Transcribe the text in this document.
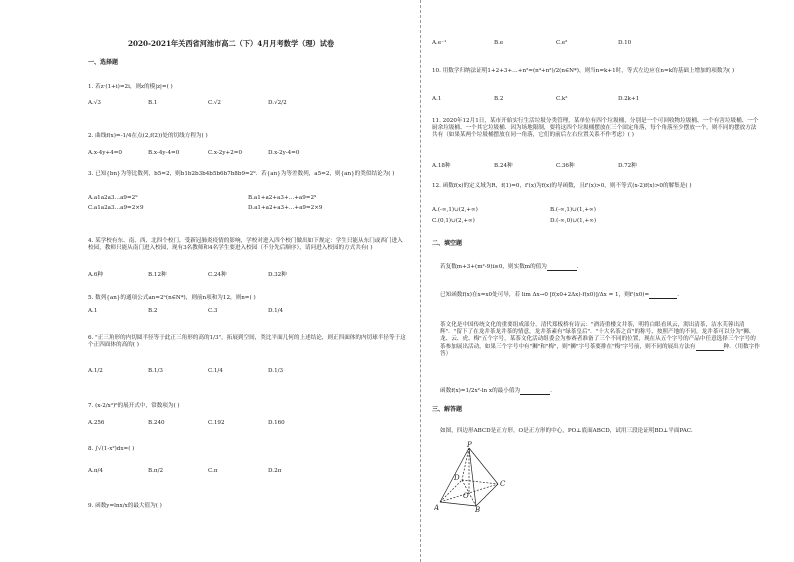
2020-2021年关西省河池市高二（下）4月月考数学（理）试卷
一、选择题
1. 若z·(1+i)=2i，则z的模|z|=( )
A.√3	B.1	C.√2	D.√2/2
2. 曲线f(x)=-1/4在点(2,f(2))处的切线方程为( )
A.x-4y+4=0	B.x-4y-4=0	C.x-2y+2=0	D.x-2y-4=0
3. 已知{bn}为等比数列，b5=2，则b1b2b3b4b5b6b7b8b9=2⁹．若{an}为等差数列，a5=2，则{an}的类似结论为( )
A.a1a2a3…a9=2⁹	B.a1+a2+a3+…+a9=2⁹
C.a1a2a3…a9=2×9	D.a1+a2+a3+…+a9=2×9
4. 某学校有东、南、西、北四个校门，受新冠肺炎疫情的影响，学校对进入四个校门做出如下规定：学生只能从东门或西门进入校园，教师只能从南门进入校园，现有3名教师和4名学生要进入校园（不分先后顺序），请问进入校园的方式共有( )
A.6种	B.12种	C.24种	D.32种
5. 数列{an}的通项公式an=2ⁿ(n∈N*)，则前n项和为12，则n=( )
A.1	B.2	C.3	D.1/4
6. "正三角形的内切圆半径等于此正三角形的高的1/3"，拓展到空间，类比平面几何的上述结论，则正四面体的内切球半径等于这个正四面体的高的( )
A.1/2	B.1/3	C.1/4	D.1/3
7. (x-2/x²)⁶的展开式中，常数项为( )
A.256	B.240	C.192	D.160
8. ∫√(1-x²)dx=( )
A.π/4	B.π/2	C.π	D.2π
9. 函数y=lnx/x的最大值为( )
A.e⁻¹	B.e	C.e²	D.10
10. 用数学归纳法证明1+2+3+…+n²=(n⁴+n²)/2(n∈N*)，则当n=k+1时，等式左边应在n=k的基础上增加的项数为( )
A.1	B.2	C.k²	D.2k+1
11. 2020年12月1日，某市开始实行生活垃圾分类管理，某单位有四个垃圾桶，分别是一个可回收物垃圾桶、一个有害垃圾桶、一个厨余垃圾桶、一个其它垃圾桶．因为场地限制，要将这四个垃圾桶摆放在三个固定角落，每个角落至少摆放一个，则不同的摆放方法共有（如果某两个垃圾桶摆放在同一角落，它们的前后左右位置关系不作考虑）( )
A.18种	B.24种	C.36种	D.72种
12. 函数f(x)的定义域为R，f(1)=0，f'(x)为f(x)的导函数，且f'(x)>0，则不等式(x-2)f(x)>0的解集是( )
A.(-∞,1)∪(2,+∞)	B.(-∞,1)∪(1,+∞)
C.(0,1)∪(2,+∞)	D.(-∞,0)∪(1,+∞)
二、填空题
若复数m+3+(m²-9)i≥0，则实数m的值为	.
已知函数f(x)在x=x0处可导，若 lim Δx→0 [f(x0+2Δx)-f(x0)]/Δx = 1，则f'(x0)=	.
茶文化是中国传统文化的重要组成部分，清代郑板桥有诗云："酒涛重楼文井茶，明将白眼看风云，沏出清茶，洁水芙蓉出清辉"．"留下了在龙井茶龙井茶的情意，龙井茶素有"绿茶皇后"．"十大名茶之首"的称号，按照产地的不同，龙井茶可以分为"狮、龙、云、虎、梅"五个字号，某茶文化活动组委会为参赛者准备了三个不同的位置，现在从五个字号的产品中任意选择三个字号的茶参加展出活动，如果三个字号中有"狮"和"梅"，则"狮"字号茶要排在"梅"字号前，则不同的展出方法有	种．（用数字作答）
函数f(x)=1/2x²-ln x的最小值为	.
三、解答题
如图，四边形ABCD是正方形，O是正方形的中心，PO⊥底面ABCD，试用三段论证明BD⊥平面PAC.
P
A	B
C
D
O
